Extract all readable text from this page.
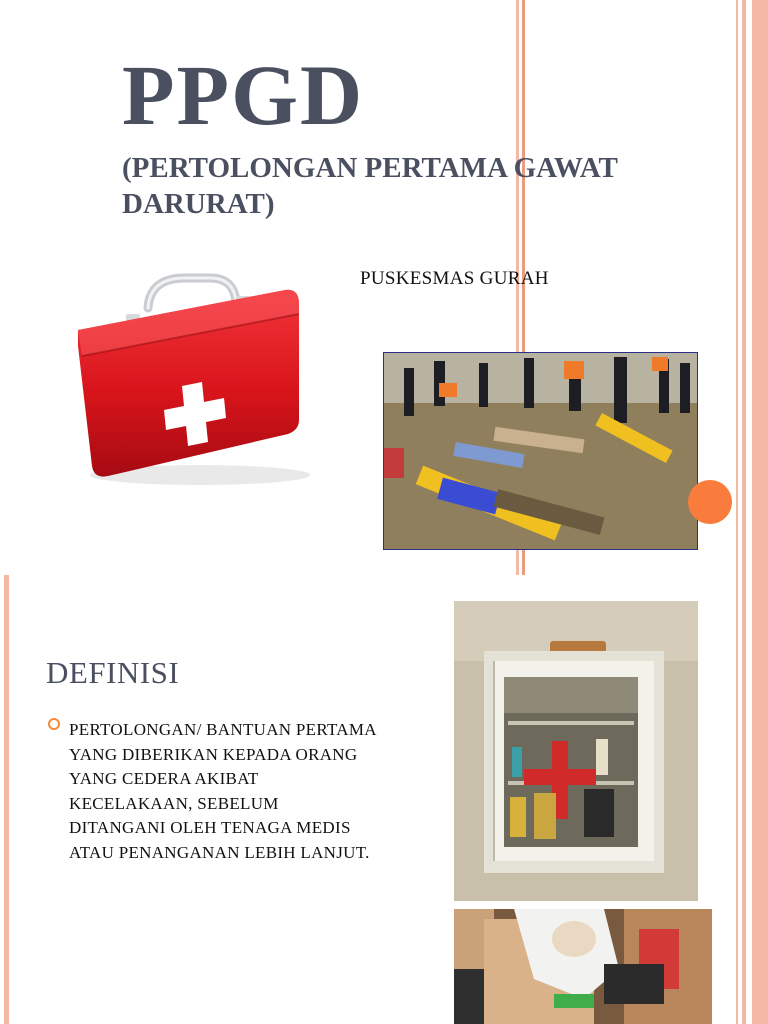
PPGD
(PERTOLONGAN PERTAMA GAWAT DARURAT)

PUSKESMAS GURAH

DEFINISI

PERTOLONGAN/ BANTUAN PERTAMA YANG DIBERIKAN KEPADA ORANG YANG CEDERA AKIBAT KECELAKAAN, SEBELUM DITANGANI OLEH TENAGA MEDIS ATAU PENANGANAN LEBIH LANJUT.
